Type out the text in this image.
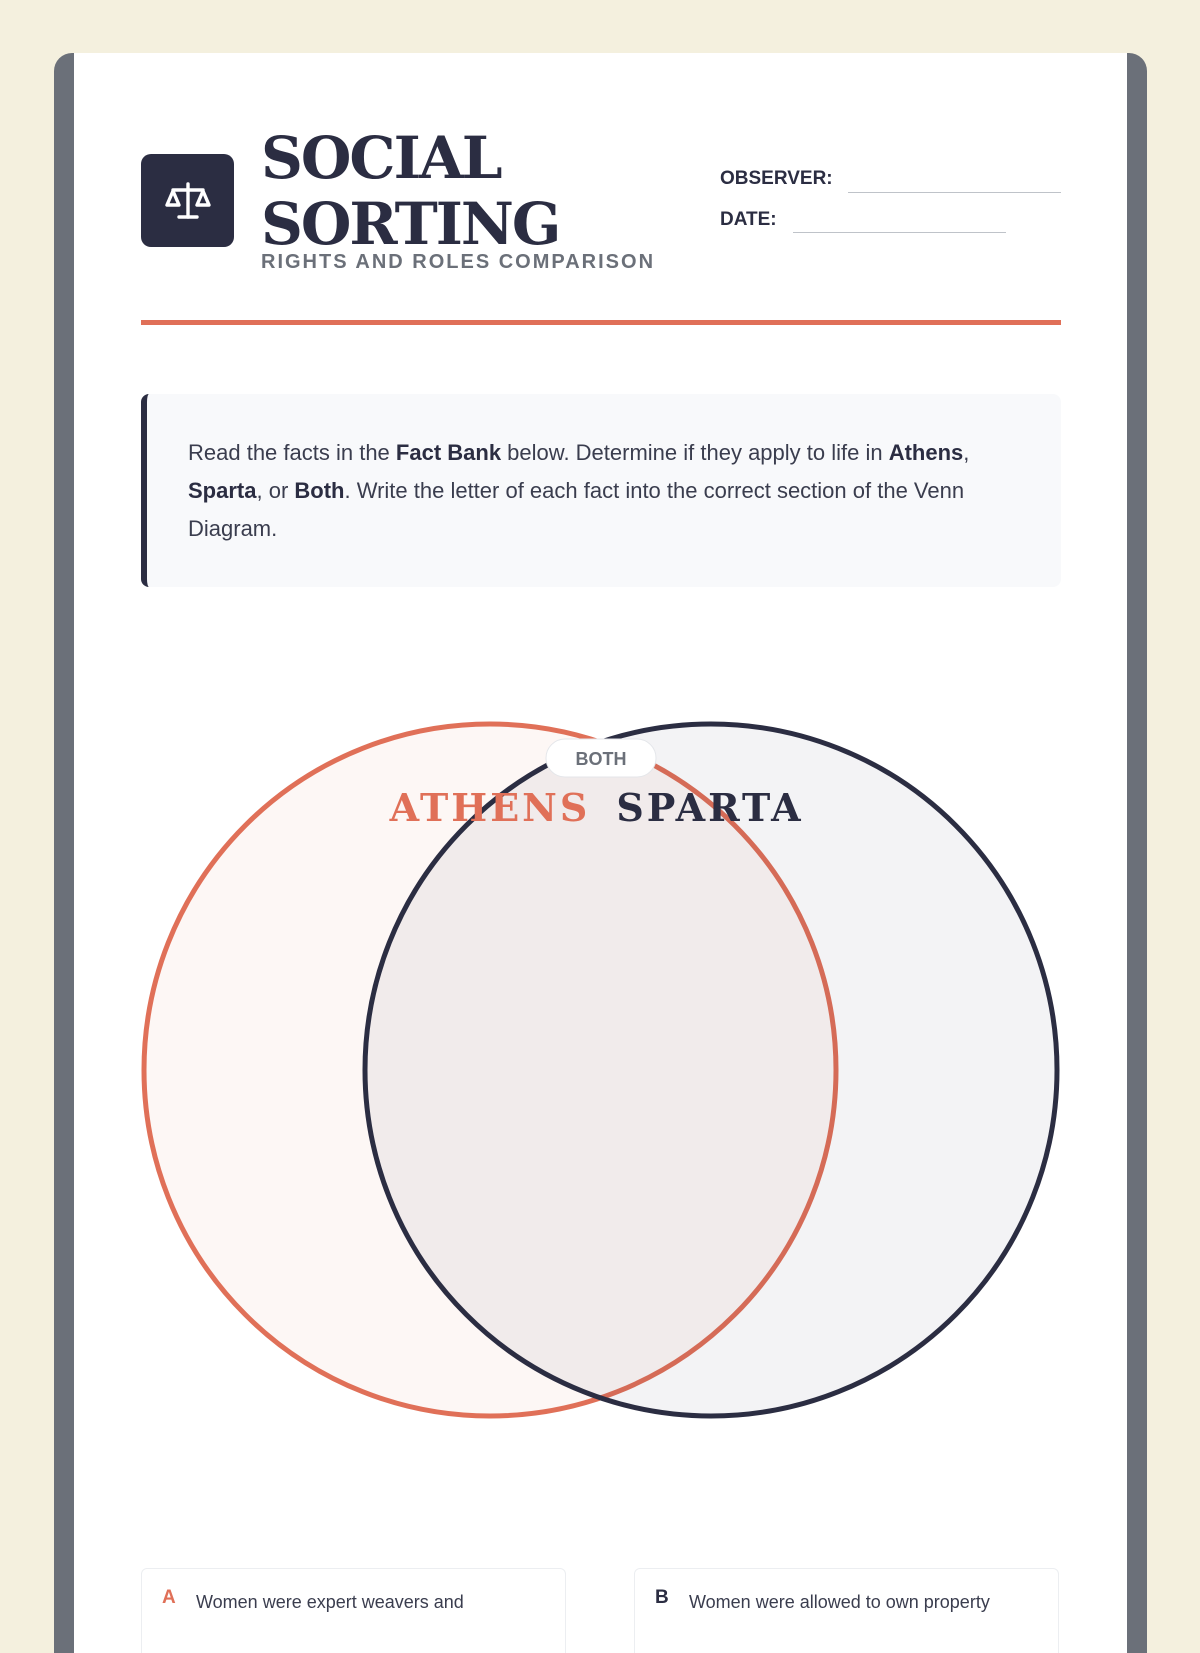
SOCIAL
SORTING
RIGHTS AND ROLES COMPARISON
OBSERVER:
DATE:
Read the facts in the Fact Bank below. Determine if they apply to life in Athens, Sparta, or Both. Write the letter of each fact into the correct section of the Venn Diagram.
ATHENS SPARTA
BOTH
A Women were expert weavers and	B Women were allowed to own property
